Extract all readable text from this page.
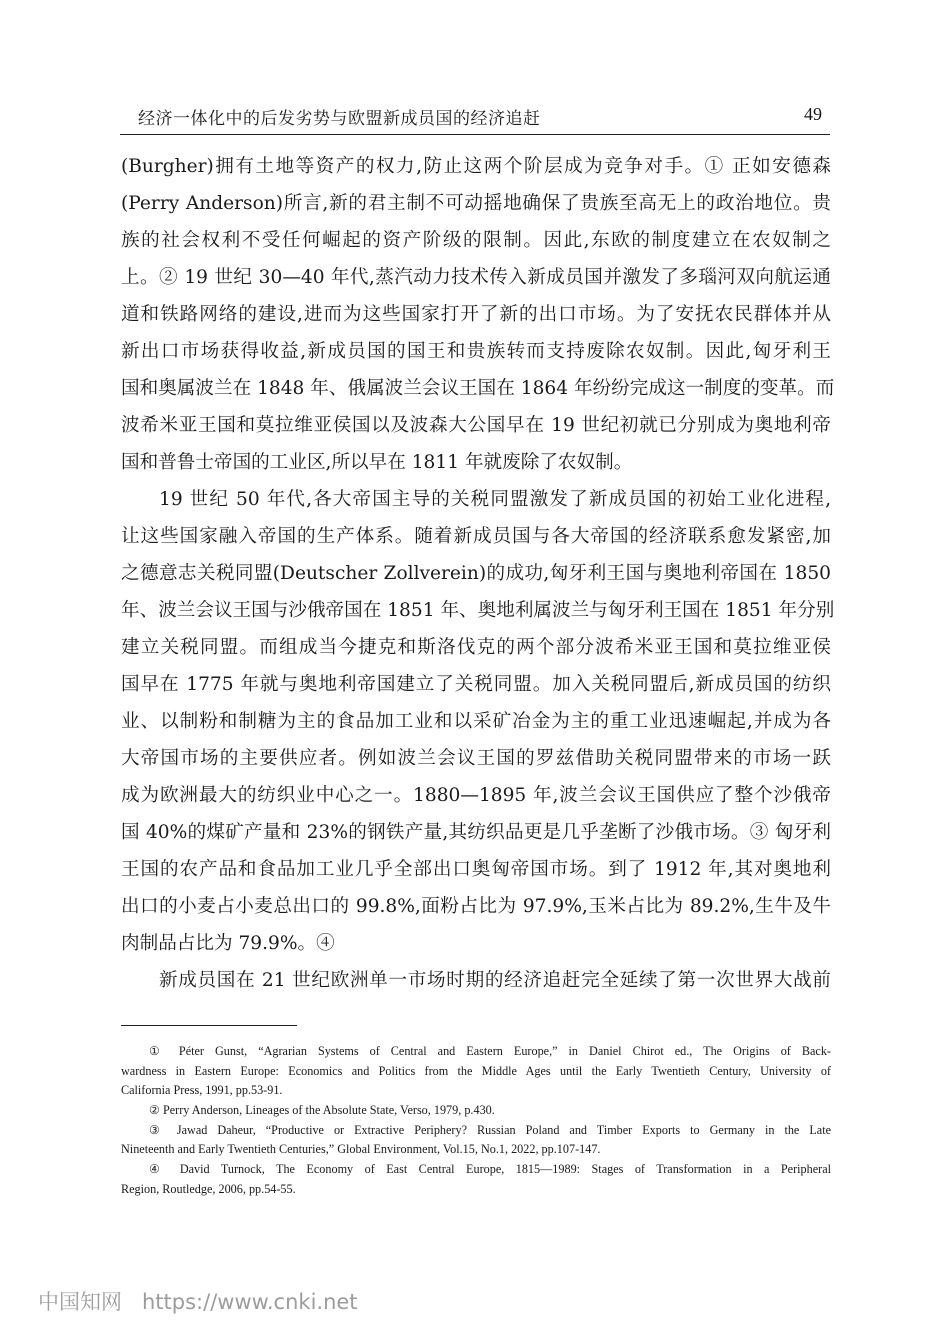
经济一体化中的后发劣势与欧盟新成员国的经济追赶	49
(Burgher)拥有土地等资产的权力,防止这两个阶层成为竞争对手。① 正如安德森
(Perry Anderson)所言,新的君主制不可动摇地确保了贵族至高无上的政治地位。贵
族的社会权利不受任何崛起的资产阶级的限制。因此,东欧的制度建立在农奴制之
上。② 19 世纪 30—40 年代,蒸汽动力技术传入新成员国并激发了多瑙河双向航运通
道和铁路网络的建设,进而为这些国家打开了新的出口市场。为了安抚农民群体并从
新出口市场获得收益,新成员国的国王和贵族转而支持废除农奴制。因此,匈牙利王
国和奥属波兰在 1848 年、俄属波兰会议王国在 1864 年纷纷完成这一制度的变革。而
波希米亚王国和莫拉维亚侯国以及波森大公国早在 19 世纪初就已分别成为奥地利帝
国和普鲁士帝国的工业区,所以早在 1811 年就废除了农奴制。
19 世纪 50 年代,各大帝国主导的关税同盟激发了新成员国的初始工业化进程,
让这些国家融入帝国的生产体系。随着新成员国与各大帝国的经济联系愈发紧密,加
之德意志关税同盟(Deutscher Zollverein)的成功,匈牙利王国与奥地利帝国在 1850
年、波兰会议王国与沙俄帝国在 1851 年、奥地利属波兰与匈牙利王国在 1851 年分别
建立关税同盟。而组成当今捷克和斯洛伐克的两个部分波希米亚王国和莫拉维亚侯
国早在 1775 年就与奥地利帝国建立了关税同盟。加入关税同盟后,新成员国的纺织
业、以制粉和制糖为主的食品加工业和以采矿冶金为主的重工业迅速崛起,并成为各
大帝国市场的主要供应者。例如波兰会议王国的罗兹借助关税同盟带来的市场一跃
成为欧洲最大的纺织业中心之一。1880—1895 年,波兰会议王国供应了整个沙俄帝
国 40%的煤矿产量和 23%的钢铁产量,其纺织品更是几乎垄断了沙俄市场。③ 匈牙利
王国的农产品和食品加工业几乎全部出口奥匈帝国市场。到了 1912 年,其对奥地利
出口的小麦占小麦总出口的 99.8%,面粉占比为 97.9%,玉米占比为 89.2%,生牛及牛
肉制品占比为 79.9%。④
新成员国在 21 世纪欧洲单一市场时期的经济追赶完全延续了第一次世界大战前
① Péter Gunst, “Agrarian Systems of Central and Eastern Europe,” in Daniel Chirot ed., The Origins of Back-
wardness in Eastern Europe: Economics and Politics from the Middle Ages until the Early Twentieth Century, University of
California Press, 1991, pp.53-91.
② Perry Anderson, Lineages of the Absolute State, Verso, 1979, p.430.
③ Jawad Daheur, “Productive or Extractive Periphery? Russian Poland and Timber Exports to Germany in the Late
Nineteenth and Early Twentieth Centuries,” Global Environment, Vol.15, No.1, 2022, pp.107-147.
④ David Turnock, The Economy of East Central Europe, 1815—1989: Stages of Transformation in a Peripheral
Region, Routledge, 2006, pp.54-55.
中国知网 https://www.cnki.net
